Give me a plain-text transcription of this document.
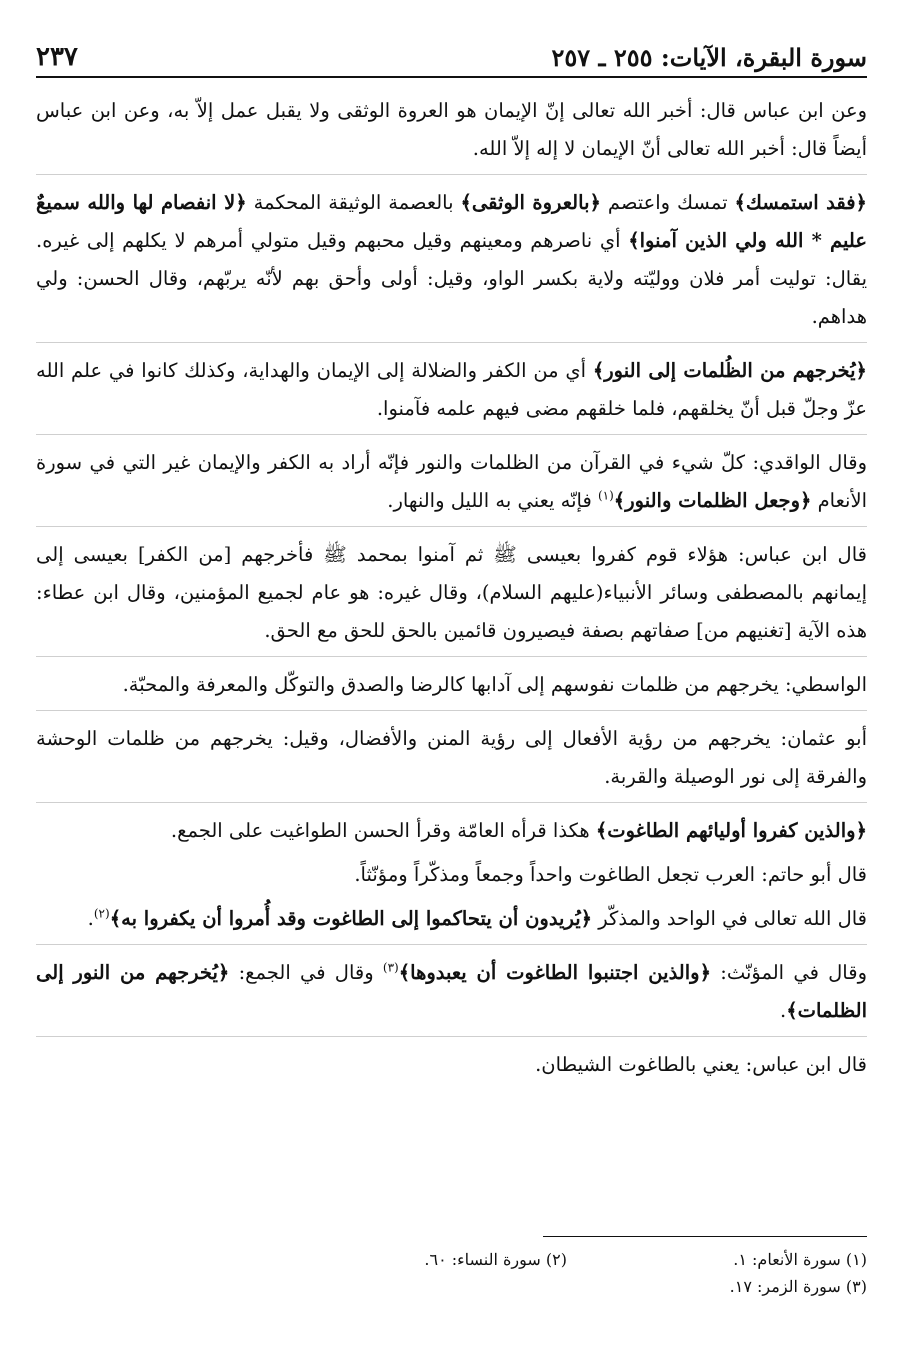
سورة البقرة، الآيات: ٢٥٥ ـ ٢٥٧
٢٣٧

وعن ابن عباس قال: أخبر الله تعالى إنّ الإيمان هو العروة الوثقى ولا يقبل عمل إلاّ به، وعن ابن عباس أيضاً قال: أخبر الله تعالى أنّ الإيمان لا إله إلاّ الله.

﴿فقد استمسك﴾ تمسك واعتصم ﴿بالعروة الوثقى﴾ بالعصمة الوثيقة المحكمة ﴿لا انفصام لها والله سميعٌ عليم * الله ولي الذين آمنوا﴾ أي ناصرهم ومعينهم وقيل محبهم وقيل متولي أمرهم لا يكلهم إلى غيره. يقال: توليت أمر فلان ووليّته ولاية بكسر الواو، وقيل: أولى وأحق بهم لأنّه يربّهم، وقال الحسن: ولي هداهم.

﴿يُخرجهم من الظُلمات إلى النور﴾ أي من الكفر والضلالة إلى الإيمان والهداية، وكذلك كانوا في علم الله عزّ وجلّ قبل أنّ يخلقهم، فلما خلقهم مضى فيهم علمه فآمنوا.

وقال الواقدي: كلّ شيء في القرآن من الظلمات والنور فإنّه أراد به الكفر والإيمان غير التي في سورة الأنعام ﴿وجعل الظلمات والنور﴾$^{(١)}$ فإنّه يعني به الليل والنهار.

قال ابن عباس: هؤلاء قوم كفروا بعيسى ﷺ ثم آمنوا بمحمد ﷺ فأخرجهم [من الكفر] بعيسى إلى إيمانهم بالمصطفى وسائر الأنبياء(عليهم السلام)، وقال غيره: هو عام لجميع المؤمنين، وقال ابن عطاء: هذه الآية [تغنيهم من] صفاتهم بصفة فيصيرون قائمين بالحق للحق مع الحق.

الواسطي: يخرجهم من ظلمات نفوسهم إلى آدابها كالرضا والصدق والتوكّل والمعرفة والمحبّة.

أبو عثمان: يخرجهم من رؤية الأفعال إلى رؤية المنن والأفضال، وقيل: يخرجهم من ظلمات الوحشة والفرقة إلى نور الوصيلة والقربة.

﴿والذين كفروا أوليائهم الطاغوت﴾ هكذا قرأه العامّة وقرأ الحسن الطواغيت على الجمع.

قال أبو حاتم: العرب تجعل الطاغوت واحداً وجمعاً ومذكّراً ومؤنّثاً.

قال الله تعالى في الواحد والمذكّر ﴿يُريدون أن يتحاكموا إلى الطاغوت وقد أُمروا أن يكفروا به﴾$^{(٢)}$.

وقال في المؤنّث: ﴿والذين اجتنبوا الطاغوت أن يعبدوها﴾$^{(٣)}$ وقال في الجمع: ﴿يُخرجهم من النور إلى الظلمات﴾.

قال ابن عباس: يعني بالطاغوت الشيطان.

(١) سورة الأنعام: ١.
(٢) سورة النساء: ٦٠.
(٣) سورة الزمر: ١٧.
